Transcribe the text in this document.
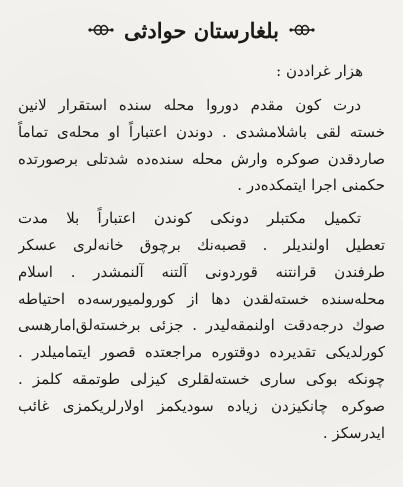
بلغارستان حوادثی
هزار غراددن :
درت کون مقدم دوروا محله سنده استقرار لانین
خسته لقی باشلامشدی . دوندن اعتباراً او محله‌ی تماماً
صاردقدن صوکره وارش محله سنده‌ده شدتلی برصورتده
حکمنی اجرا ایتمکده‌در .
تکمیل مکتبلر دونکی کوندن اعتباراً بلا مدت
تعطیل اولندیلر . قصبه‌نك برچوق خانه‌لری عسکر
طرفندن قرانتنه قوردونی آلتنه آلنمشدر . اسلام
محله‌سنده خسته‌لقدن دها از کورولمیورسه‌ده احتیاطه
صوك درجه‌دقت اولنمقه‌لیدر . جزئی برخسته‌لق‌امارهسی
کورلدیکی تقدیرده دوقتوره مراجعتده قصور ایتمامیلدر .
چونکه بوکی ساری خسته‌لقلری کیزلی طوتمقه کلمز .
صوکره چانکیزدن زیاده سودیکمز اولارلریکمزی غائب
ایدرسکز .
